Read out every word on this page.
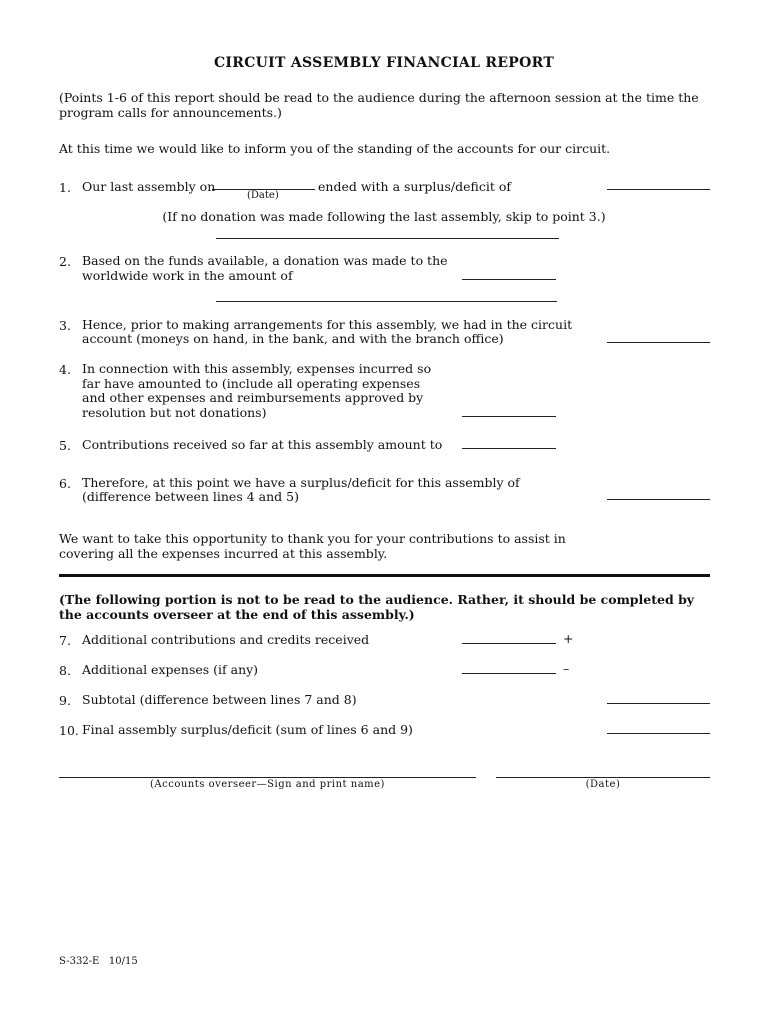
CIRCUIT ASSEMBLY FINANCIAL REPORT

(Points 1-6 of this report should be read to the audience during the afternoon session at the time the program calls for announcements.)

At this time we would like to inform you of the standing of the accounts for our circuit.

1. Our last assembly on
(Date)
ended with a surplus/deficit of
(If no donation was made following the last assembly, skip to point 3.)
2. Based on the funds available, a donation was made to the
worldwide work in the amount of
3. Hence, prior to making arrangements for this assembly, we had in the circuit
account (moneys on hand, in the bank, and with the branch office)
4. In connection with this assembly, expenses incurred so
far have amounted to (include all operating expenses
and other expenses and reimbursements approved by
resolution but not donations)
5. Contributions received so far at this assembly amount to
6. Therefore, at this point we have a surplus/deficit for this assembly of
(difference between lines 4 and 5)

We want to take this opportunity to thank you for your contributions to assist in covering all the expenses incurred at this assembly.

(The following portion is not to be read to the audience. Rather, it should be completed by the accounts overseer at the end of this assembly.)

7. Additional contributions and credits received	+
8. Additional expenses (if any)	–
9. Subtotal (difference between lines 7 and 8)
10. Final assembly surplus/deficit (sum of lines 6 and 9)
(Accounts overseer—Sign and print name)	(Date)
S-332-E 10/15
